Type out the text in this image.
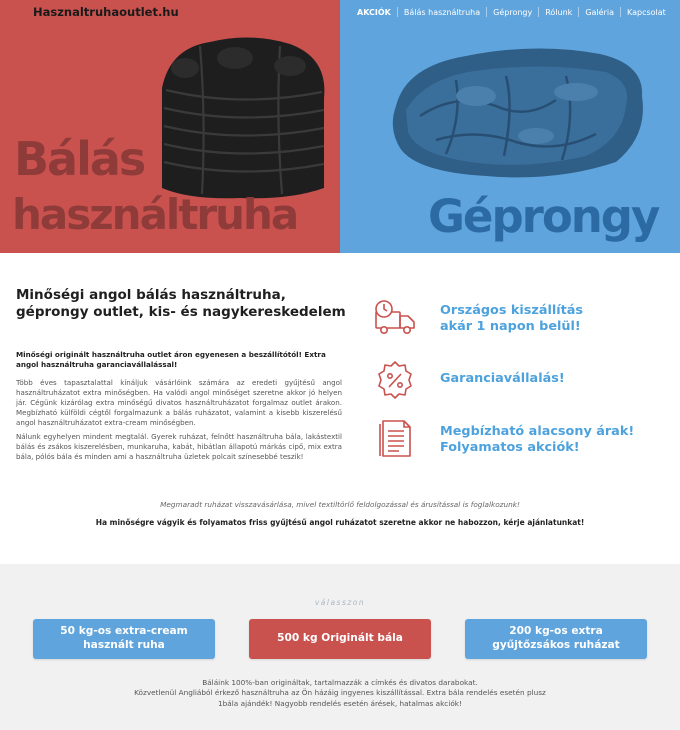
Bálás
használtruha	Géprongy
Hasznaltruhaoutlet.hu	AKCIÓK	Bálás használtruha	Géprongy	Rólunk	Galéria	Kapcsolat
Minőségi angol bálás használtruha, géprongy outlet, kis- és nagykereskedelem

Minőségi originált használtruha outlet áron egyenesen a beszállítótól! Extra angol használtruha garanciavállalással!

Több éves tapasztalattal kínáljuk vásárlóink számára az eredeti gyűjtésű angol használtruházatot extra minőségben. Ha valódi angol minőséget szeretne akkor jó helyen jár. Cégünk kizárólag extra minőségű divatos használtruházatot forgalmaz outlet árakon. Megbízható külföldi cégtől forgalmazunk a bálás ruházatot, valamint a kisebb kiszerelésű angol használtruházatot extra-cream minőségben.

Nálunk egyhelyen mindent megtalál. Gyerek ruházat, felnőtt használtruha bála, lakástextil bálás és zsákos kiszerelésben, munkaruha, kabát, hibátlan állapotú márkás cipő, mix extra bála, pólós bála és minden ami a használtruha üzletek polcait színesebbé teszik!

Országos kiszállítás
akár 1 napon belül!
Garanciavállalás!
Megbízható alacsony árak!
Folyamatos akciók!

Megmaradt ruházat visszavásárlása, mivel textiltörlő feldolgozással és árusítással is foglalkozunk!

Ha minőségre vágyik és folyamatos friss gyűjtésű angol ruházatot szeretne akkor ne habozzon, kérje ajánlatunkat!

válasszon
50 kg-os extra-cream
használt ruha
500 kg Originált bála
200 kg-os extra
gyűjtőzsákos ruházat
Báláink 100%-ban origináltak, tartalmazzák a címkés és divatos darabokat.
Közvetlenül Angliából érkező használtruha az Ön házáig ingyenes kiszállítással. Extra bála rendelés esetén plusz 1bála ajándék! Nagyobb rendelés esetén árések, hatalmas akciók!
